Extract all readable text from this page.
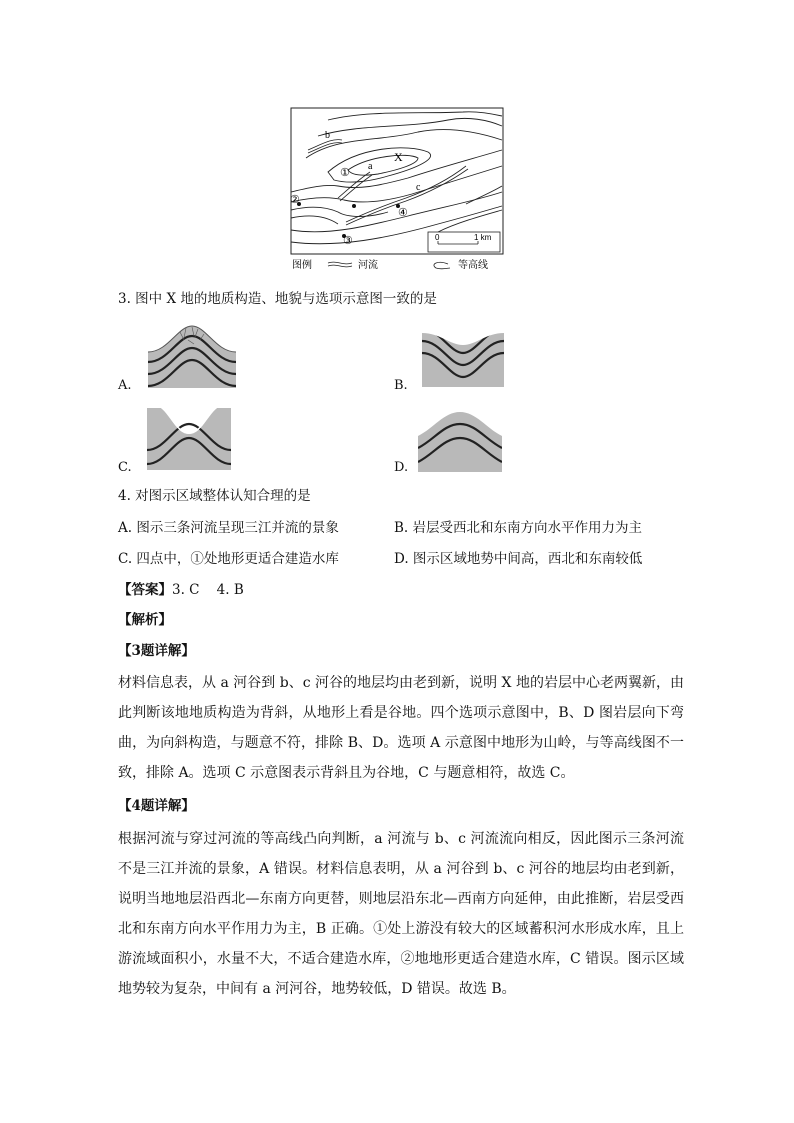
0	1 km
b
a
X
c
①
②
③
④
图例	河流	等高线
3. 图中 X 地的地质构造、地貌与选项示意图一致的是
A.	B.
C.	D.
4. 对图示区域整体认知合理的是
A. 图示三条河流呈现三江并流的景象	B. 岩层受西北和东南方向水平作用力为主
C. 四点中，①处地形更适合建造水库	D. 图示区域地势中间高，西北和东南较低
【答案】3. C    4. B
【解析】
【3题详解】
材料信息表，从 a 河谷到 b、c 河谷的地层均由老到新，说明 X 地的岩层中心老两翼新，由此判断该地地质构造为背斜，从地形上看是谷地。四个选项示意图中，B、D 图岩层向下弯曲，为向斜构造，与题意不符，排除 B、D。选项 A 示意图中地形为山岭，与等高线图不一致，排除 A。选项 C 示意图表示背斜且为谷地，C 与题意相符，故选 C。
【4题详解】
根据河流与穿过河流的等高线凸向判断，a 河流与 b、c 河流流向相反，因此图示三条河流不是三江并流的景象，A 错误。材料信息表明，从 a 河谷到 b、c 河谷的地层均由老到新，说明当地地层沿西北—东南方向更替，则地层沿东北—西南方向延伸，由此推断，岩层受西北和东南方向水平作用力为主，B 正确。①处上游没有较大的区域蓄积河水形成水库，且上游流域面积小，水量不大，不适合建造水库，②地地形更适合建造水库，C 错误。图示区域地势较为复杂，中间有 a 河河谷，地势较低，D 错误。故选 B。
